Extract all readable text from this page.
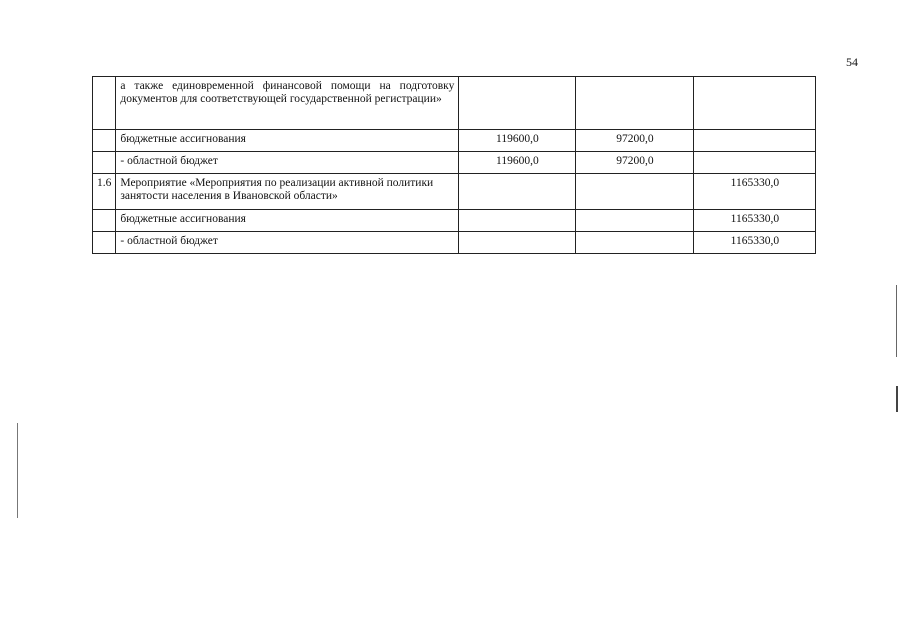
54
	а также единовременной финансовой помощи на подготовку документов для соответствующей государственной регистрации»			
	бюджетные ассигнования	119600,0	97200,0	
	- областной бюджет	119600,0	97200,0	
1.6	Мероприятие «Мероприятия по реализации активной политики занятости населения в Ивановской области»			1165330,0
	бюджетные ассигнования			1165330,0
	- областной бюджет			1165330,0
